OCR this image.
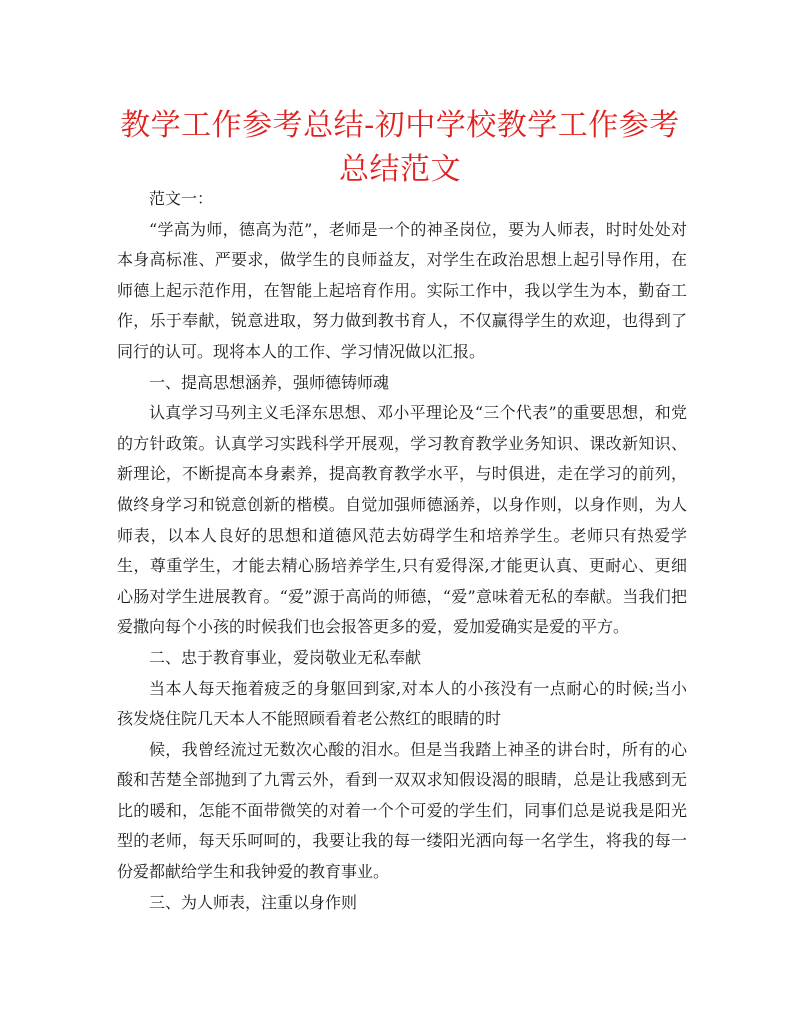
教学工作参考总结-初中学校教学工作参考总结范文

范文一：

“学高为师，德高为范”，老师是一个的神圣岗位，要为人师表，时时处处对本身高标准、严要求，做学生的良师益友，对学生在政治思想上起引导作用，在师德上起示范作用，在智能上起培育作用。实际工作中，我以学生为本，勤奋工作，乐于奉献，锐意进取，努力做到教书育人，不仅赢得学生的欢迎，也得到了同行的认可。现将本人的工作、学习情况做以汇报。

一、提高思想涵养，强师德铸师魂

认真学习马列主义毛泽东思想、邓小平理论及“三个代表”的重要思想，和党的方针政策。认真学习实践科学开展观，学习教育教学业务知识、课改新知识、新理论，不断提高本身素养，提高教育教学水平，与时俱进，走在学习的前列，做终身学习和锐意创新的楷模。自觉加强师德涵养，以身作则，以身作则，为人师表，以本人良好的思想和道德风范去妨碍学生和培养学生。老师只有热爱学生，尊重学生，才能去精心肠培养学生,只有爱得深,才能更认真、更耐心、更细心肠对学生进展教育。“爱”源于高尚的师德，“爱”意味着无私的奉献。当我们把爱撒向每个小孩的时候我们也会报答更多的爱，爱加爱确实是爱的平方。

二、忠于教育事业，爱岗敬业无私奉献

当本人每天拖着疲乏的身躯回到家,对本人的小孩没有一点耐心的时候;当小孩发烧住院几天本人不能照顾看着老公熬红的眼睛的时

候，我曾经流过无数次心酸的泪水。但是当我踏上神圣的讲台时，所有的心酸和苦楚全部抛到了九霄云外，看到一双双求知假设渴的眼睛，总是让我感到无比的暖和，怎能不面带微笑的对着一个个可爱的学生们，同事们总是说我是阳光型的老师，每天乐呵呵的，我要让我的每一缕阳光洒向每一名学生，将我的每一份爱都献给学生和我钟爱的教育事业。

三、为人师表，注重以身作则
